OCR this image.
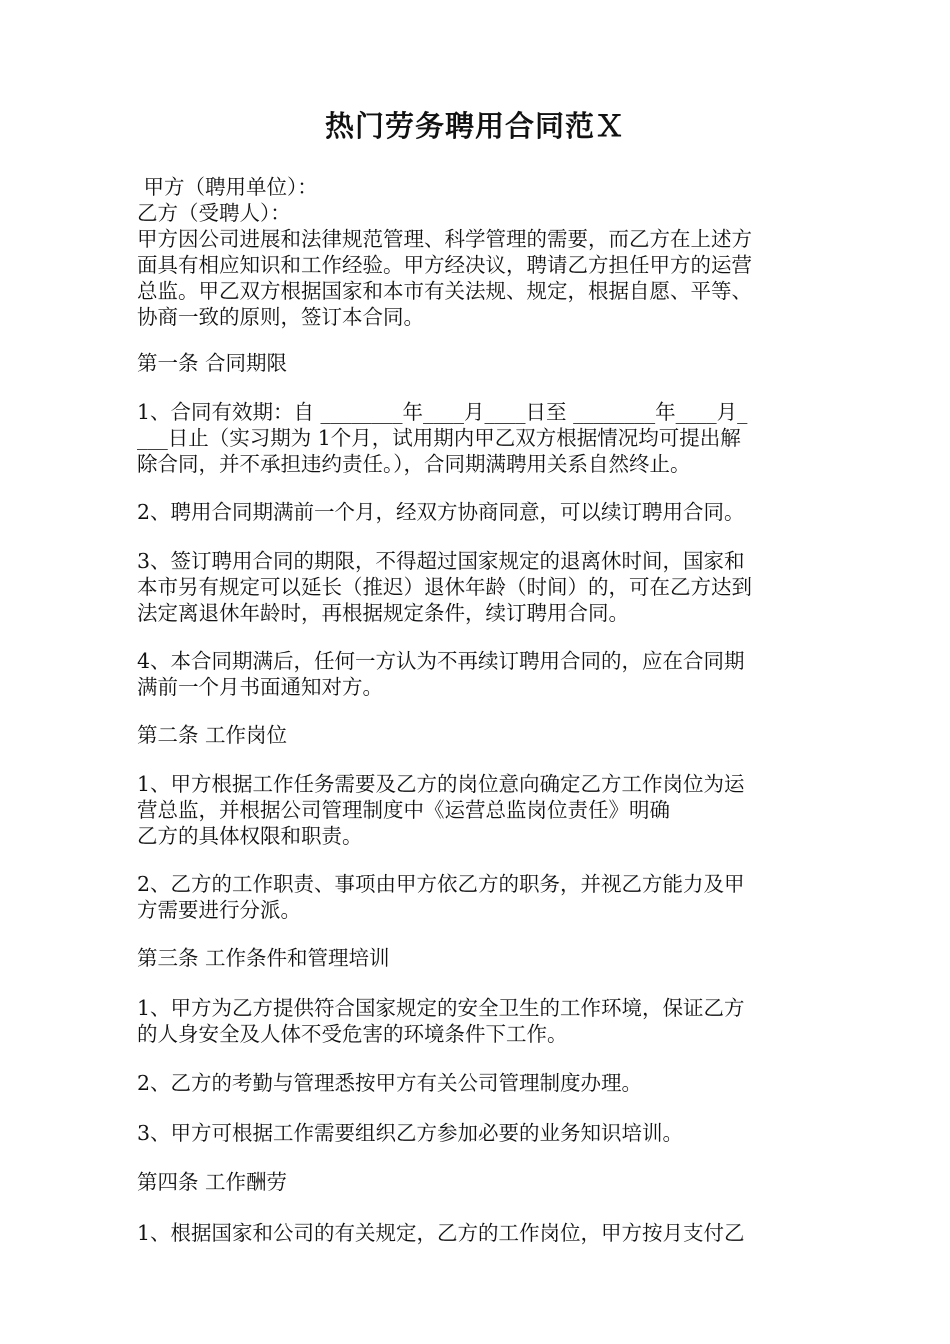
热门劳务聘用合同范Ｘ

甲方（聘用单位）：

乙方（受聘人）：

甲方因公司进展和法律规范管理、科学管理的需要，而乙方在上述方

面具有相应知识和工作经验。甲方经决议，聘请乙方担任甲方的运营

总监。甲乙双方根据国家和本市有关法规、规定，根据自愿、平等、

协商一致的原则，签订本合同。

第一条 合同期限

1、合同有效期：自 ________年____月____日至 ________年____月_

___日止（实习期为 1个月，试用期内甲乙双方根据情况均可提出解

除合同，并不承担违约责任。），合同期满聘用关系自然终止。

2、聘用合同期满前一个月，经双方协商同意，可以续订聘用合同。

3、签订聘用合同的期限，不得超过国家规定的退离休时间，国家和

本市另有规定可以延长（推迟）退休年龄（时间）的，可在乙方达到

法定离退休年龄时，再根据规定条件，续订聘用合同。

4、本合同期满后，任何一方认为不再续订聘用合同的，应在合同期

满前一个月书面通知对方。

第二条 工作岗位

1、甲方根据工作任务需要及乙方的岗位意向确定乙方工作岗位为运

营总监，并根据公司管理制度中《运营总监岗位责任》明确

乙方的具体权限和职责。

2、乙方的工作职责、事项由甲方依乙方的职务，并视乙方能力及甲

方需要进行分派。

第三条 工作条件和管理培训

1、甲方为乙方提供符合国家规定的安全卫生的工作环境，保证乙方

的人身安全及人体不受危害的环境条件下工作。

2、乙方的考勤与管理悉按甲方有关公司管理制度办理。

3、甲方可根据工作需要组织乙方参加必要的业务知识培训。

第四条 工作酬劳

1、根据国家和公司的有关规定，乙方的工作岗位，甲方按月支付乙
